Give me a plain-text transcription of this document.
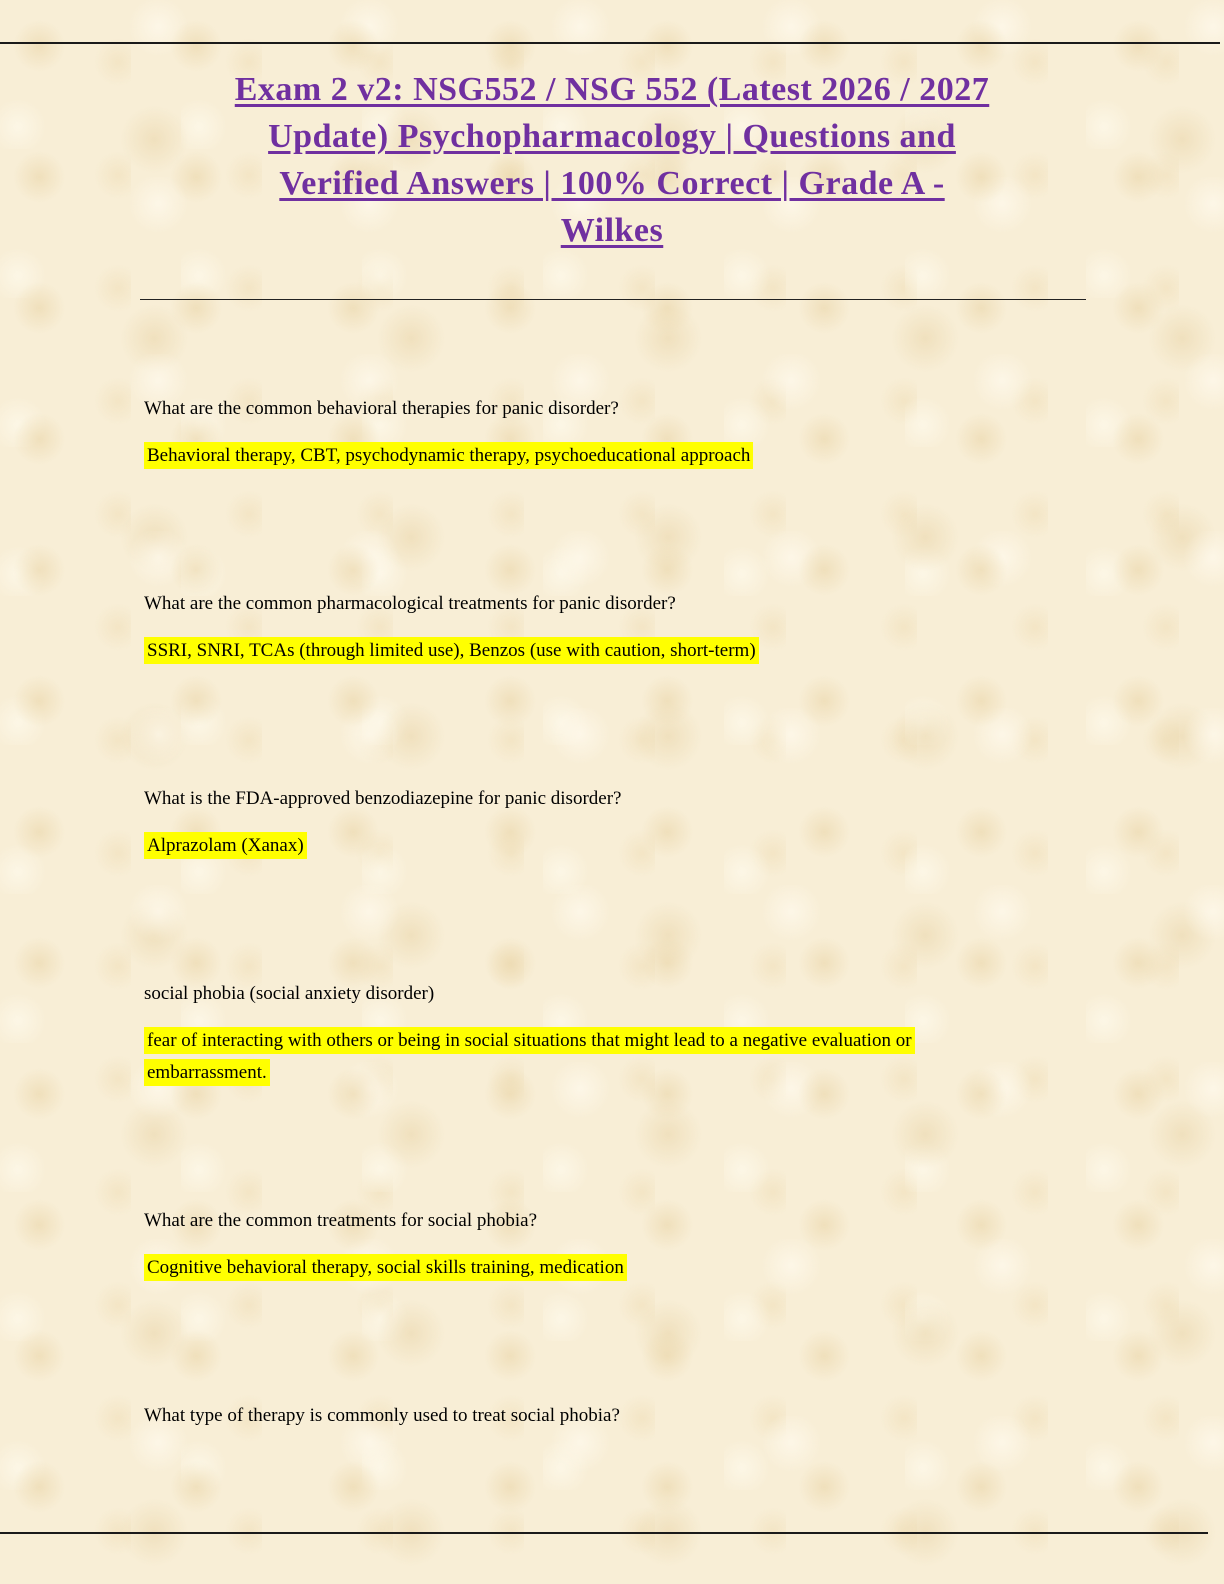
Exam 2 v2: NSG552 / NSG 552 (Latest 2026 / 2027
Update) Psychopharmacology | Questions and
Verified Answers | 100% Correct | Grade A -
Wilkes

What are the common behavioral therapies for panic disorder?

Behavioral therapy, CBT, psychodynamic therapy, psychoeducational approach

What are the common pharmacological treatments for panic disorder?

SSRI, SNRI, TCAs (through limited use), Benzos (use with caution, short-term)

What is the FDA-approved benzodiazepine for panic disorder?

Alprazolam (Xanax)

social phobia (social anxiety disorder)

fear of interacting with others or being in social situations that might lead to a negative evaluation or embarrassment.

What are the common treatments for social phobia?

Cognitive behavioral therapy, social skills training, medication

What type of therapy is commonly used to treat social phobia?
